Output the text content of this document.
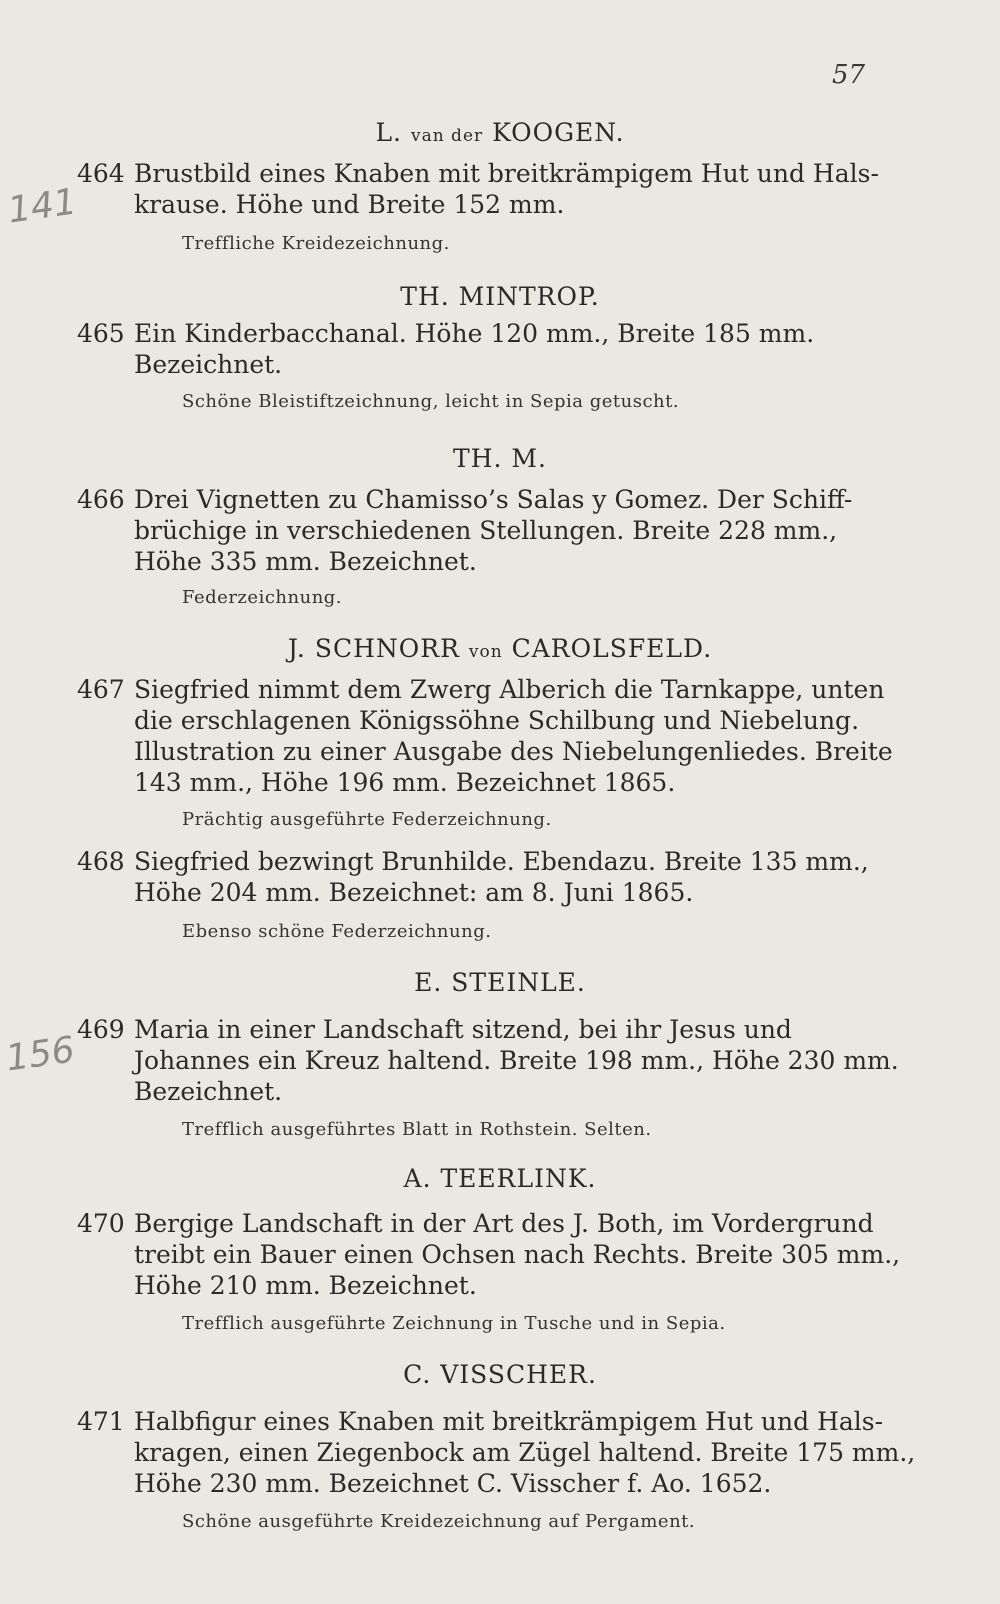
57
141
156
L. van der KOOGEN.
464 Brustbild eines Knaben mit breitkrämpigem Hut und Hals-
krause. Höhe und Breite 152 mm.
Treffliche Kreidezeichnung.
TH. MINTROP.
465 Ein Kinderbacchanal. Höhe 120 mm., Breite 185 mm.
Bezeichnet.
Schöne Bleistiftzeichnung, leicht in Sepia getuscht.
TH. M.
466 Drei Vignetten zu Chamisso’s Salas y Gomez. Der Schiff-
brüchige in verschiedenen Stellungen. Breite 228 mm.,
Höhe 335 mm. Bezeichnet.
Federzeichnung.
J. SCHNORR von CAROLSFELD.
467 Siegfried nimmt dem Zwerg Alberich die Tarnkappe, unten
die erschlagenen Königssöhne Schilbung und Niebelung.
Illustration zu einer Ausgabe des Niebelungenliedes. Breite
143 mm., Höhe 196 mm. Bezeichnet 1865.
Prächtig ausgeführte Federzeichnung.
468 Siegfried bezwingt Brunhilde. Ebendazu. Breite 135 mm.,
Höhe 204 mm. Bezeichnet: am 8. Juni 1865.
Ebenso schöne Federzeichnung.
E. STEINLE.
469 Maria in einer Landschaft sitzend, bei ihr Jesus und
Johannes ein Kreuz haltend. Breite 198 mm., Höhe 230 mm.
Bezeichnet.
Trefflich ausgeführtes Blatt in Rothstein. Selten.
A. TEERLINK.
470 Bergige Landschaft in der Art des J. Both, im Vordergrund
treibt ein Bauer einen Ochsen nach Rechts. Breite 305 mm.,
Höhe 210 mm. Bezeichnet.
Trefflich ausgeführte Zeichnung in Tusche und in Sepia.
C. VISSCHER.
471 Halbfigur eines Knaben mit breitkrämpigem Hut und Hals-
kragen, einen Ziegenbock am Zügel haltend. Breite 175 mm.,
Höhe 230 mm. Bezeichnet C. Visscher f. Ao. 1652.
Schöne ausgeführte Kreidezeichnung auf Pergament.
